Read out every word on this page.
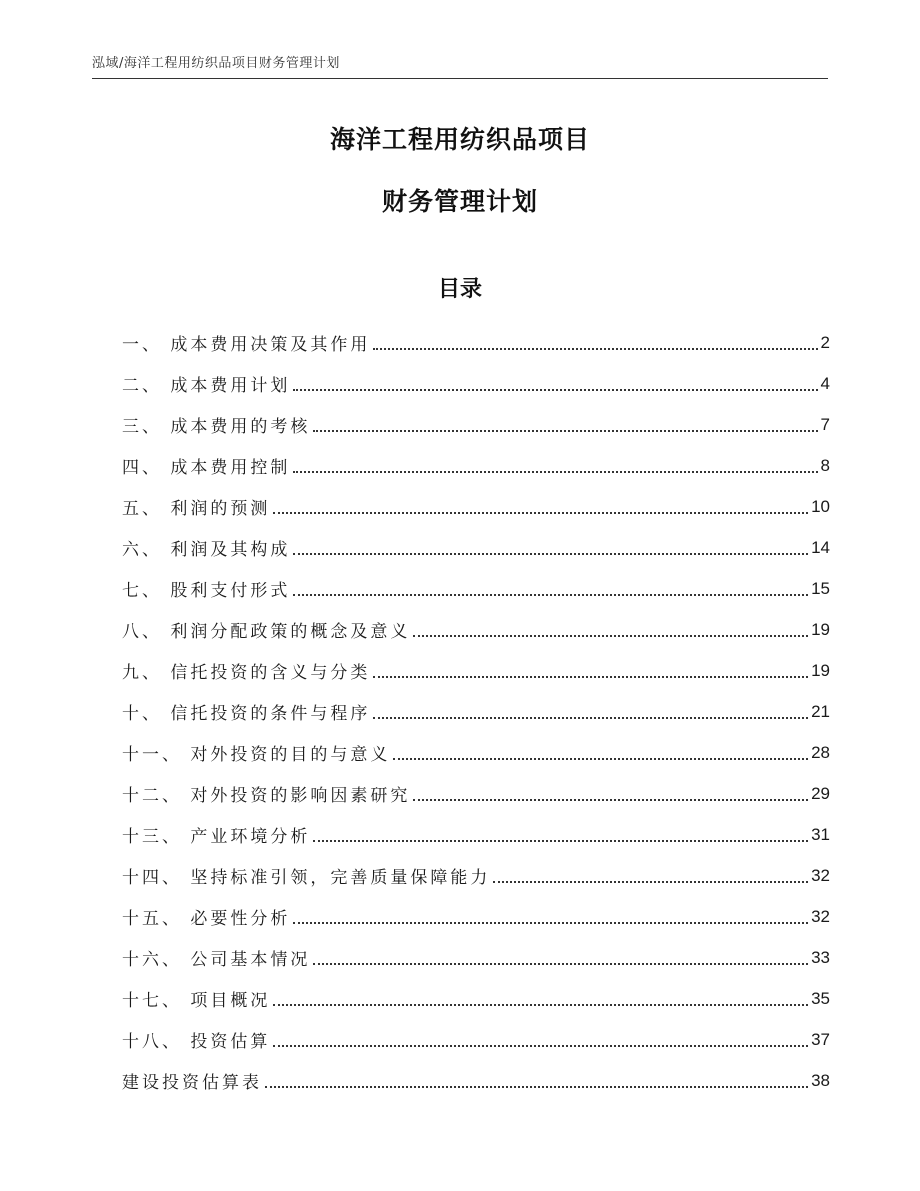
泓域/海洋工程用纺织品项目财务管理计划
海洋工程用纺织品项目
财务管理计划
目录
一、 成本费用决策及其作用	2
二、 成本费用计划	4
三、 成本费用的考核	7
四、 成本费用控制	8
五、 利润的预测	10
六、 利润及其构成	14
七、 股利支付形式	15
八、 利润分配政策的概念及意义	19
九、 信托投资的含义与分类	19
十、 信托投资的条件与程序	21
十一、 对外投资的目的与意义	28
十二、 对外投资的影响因素研究	29
十三、 产业环境分析	31
十四、 坚持标准引领，完善质量保障能力	32
十五、 必要性分析	32
十六、 公司基本情况	33
十七、 项目概况	35
十八、 投资估算	37
建设投资估算表	38
